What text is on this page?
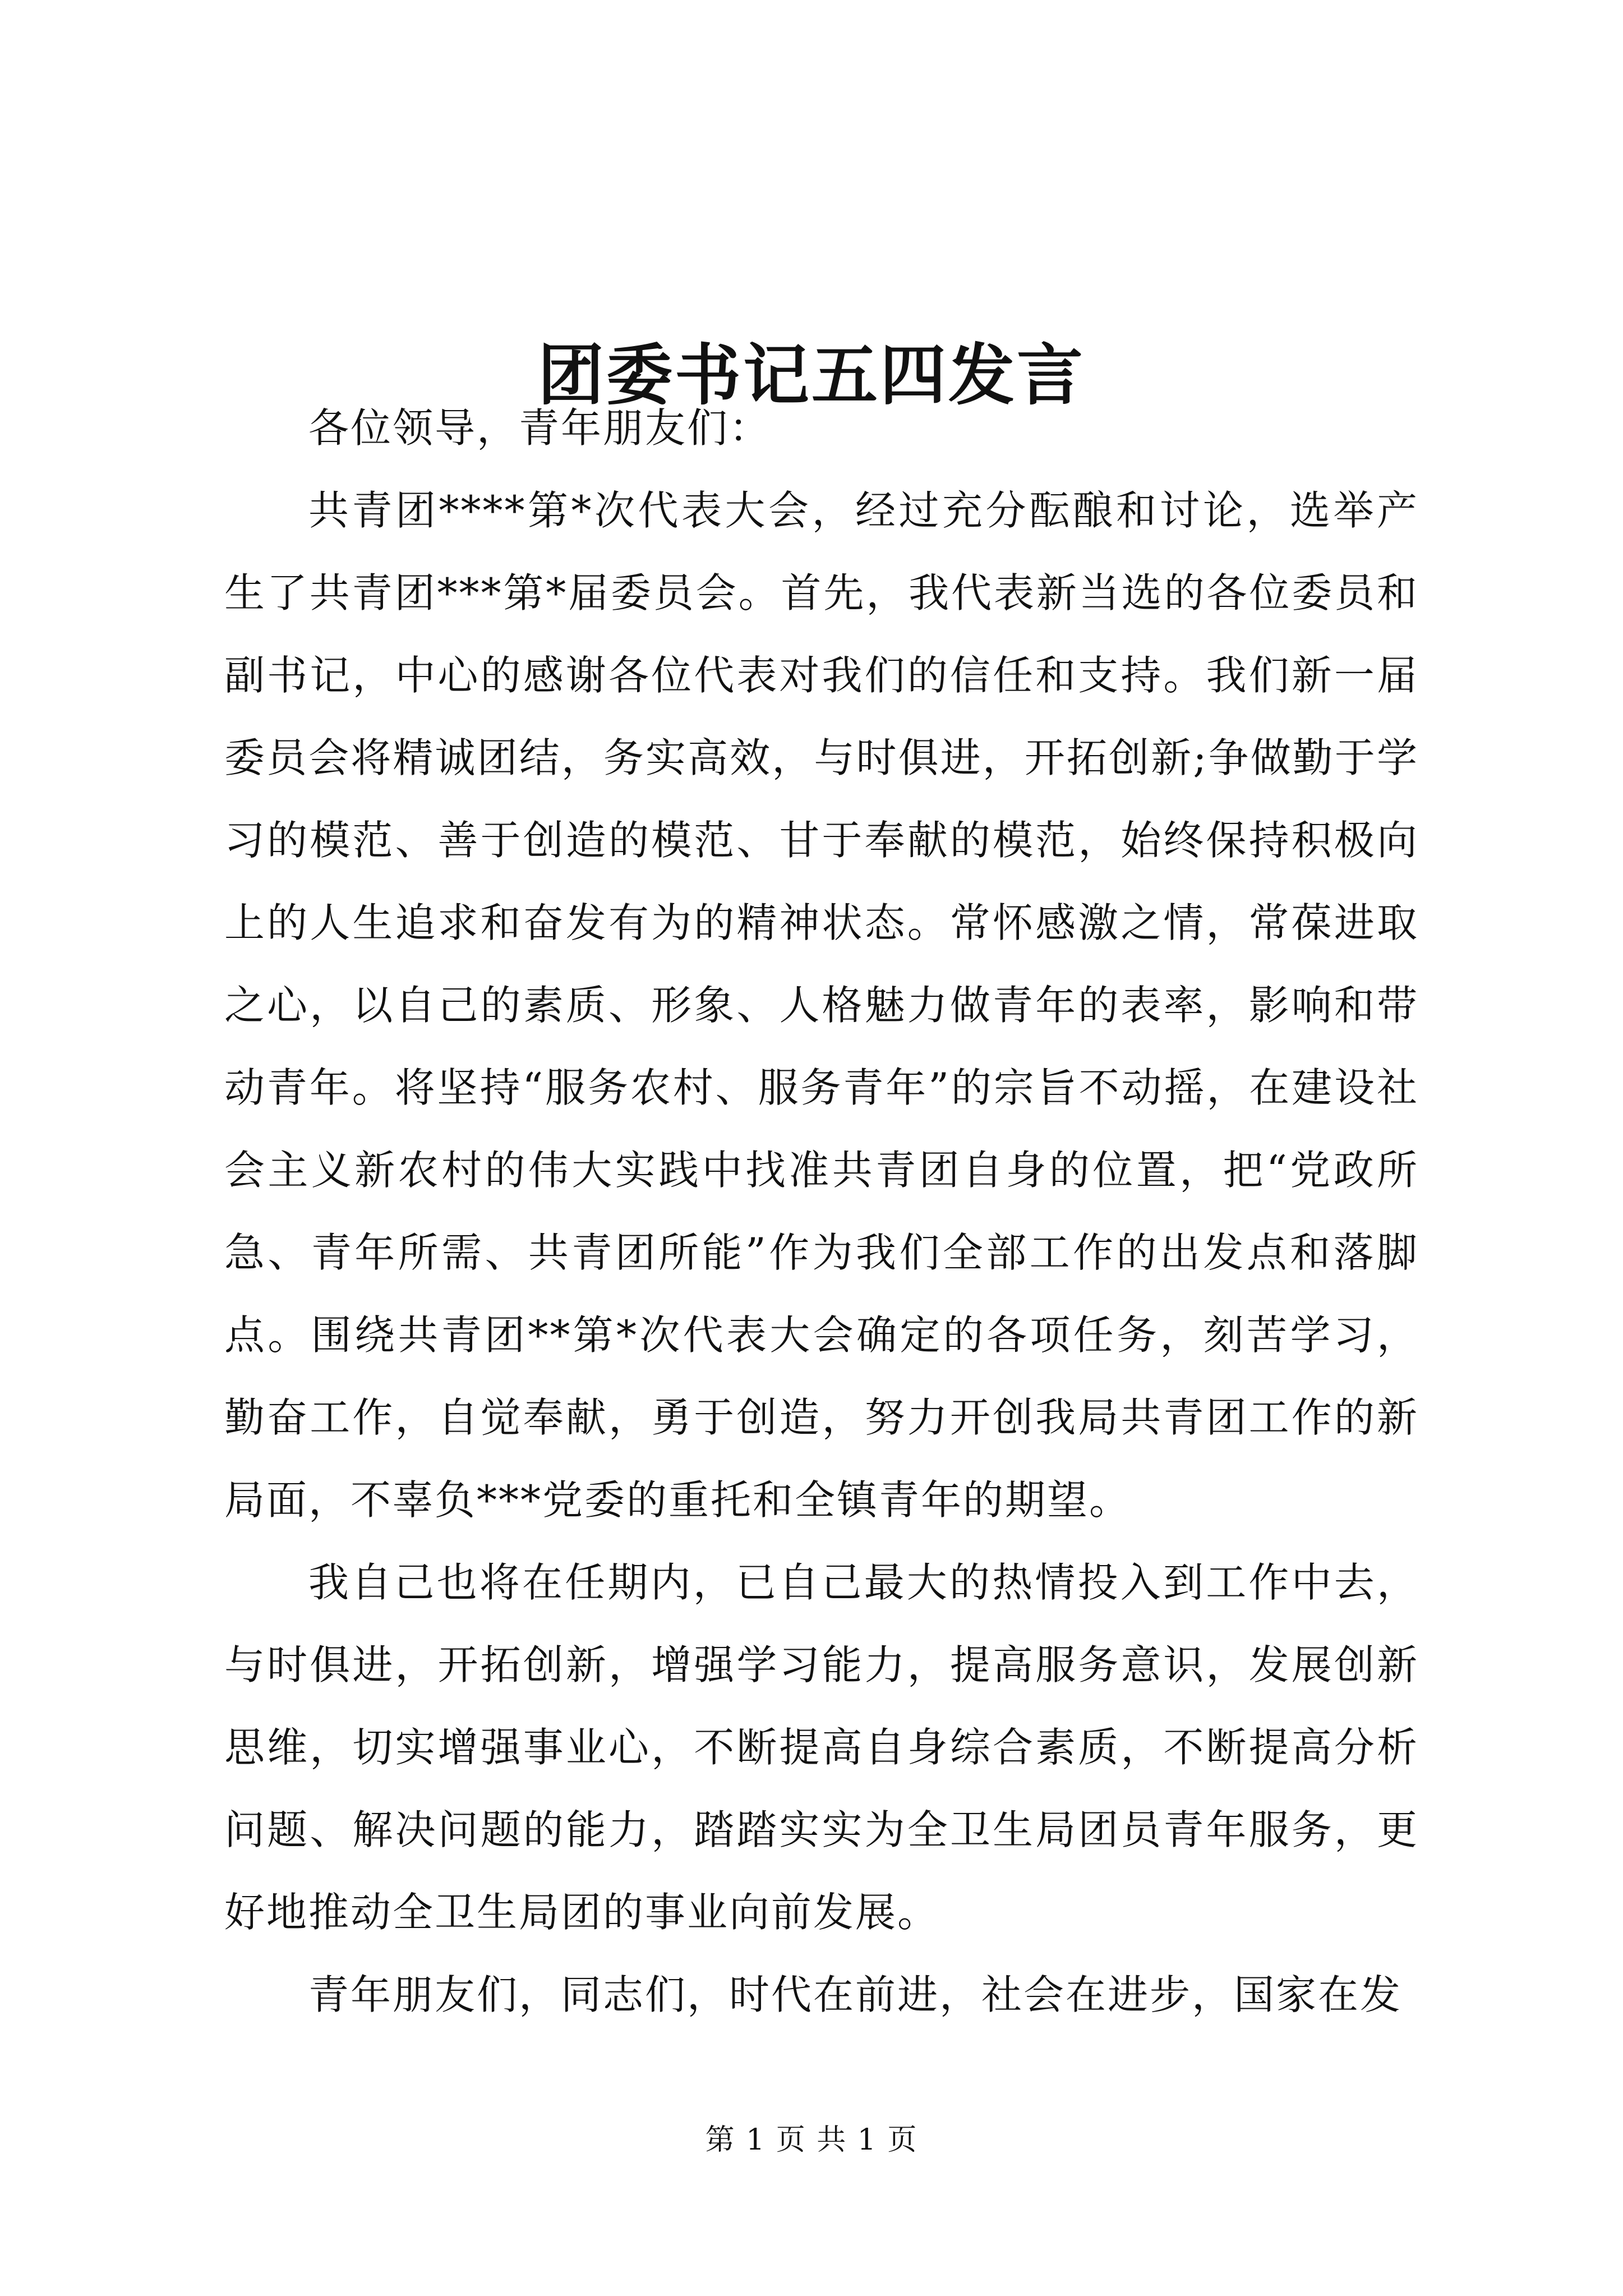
团委书记五四发言

各位领导，青年朋友们：

共青团****第*次代表大会，经过充分酝酿和讨论，选举产生了共青团***第*届委员会。首先，我代表新当选的各位委员和副书记，中心的感谢各位代表对我们的信任和支持。我们新一届委员会将精诚团结，务实高效，与时俱进，开拓创新;争做勤于学习的模范、善于创造的模范、甘于奉献的模范，始终保持积极向上的人生追求和奋发有为的精神状态。常怀感激之情，常葆进取之心，以自己的素质、形象、人格魅力做青年的表率，影响和带动青年。将坚持“服务农村、服务青年”的宗旨不动摇，在建设社会主义新农村的伟大实践中找准共青团自身的位置，把“党政所急、青年所需、共青团所能”作为我们全部工作的出发点和落脚点。围绕共青团**第*次代表大会确定的各项任务，刻苦学习，勤奋工作，自觉奉献，勇于创造，努力开创我局共青团工作的新局面，不辜负***党委的重托和全镇青年的期望。

我自己也将在任期内，已自己最大的热情投入到工作中去，与时俱进，开拓创新，增强学习能力，提高服务意识，发展创新思维，切实增强事业心，不断提高自身综合素质，不断提高分析问题、解决问题的能力，踏踏实实为全卫生局团员青年服务，更好地推动全卫生局团的事业向前发展。

青年朋友们，同志们，时代在前进，社会在进步，国家在发

第 1 页 共 1 页
